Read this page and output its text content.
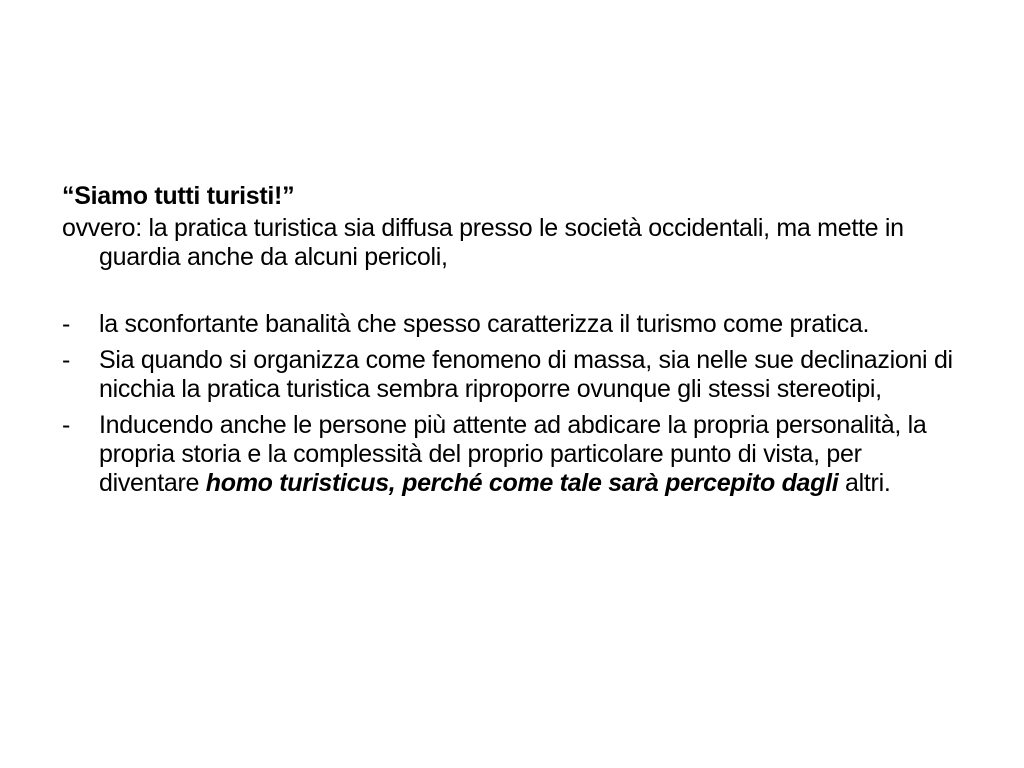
“Siamo tutti turisti!”

ovvero: la pratica turistica sia diffusa presso le società occidentali, ma mette in guardia anche da alcuni pericoli,

- la sconfortante banalità che spesso caratterizza il turismo come pratica.
- Sia quando si organizza come fenomeno di massa, sia nelle sue declinazioni di nicchia la pratica turistica sembra riproporre ovunque gli stessi stereotipi,
- Inducendo anche le persone più attente ad abdicare la propria personalità, la propria storia e la complessità del proprio particolare punto di vista, per diventare homo turisticus, perché come tale sarà percepito dagli altri.
